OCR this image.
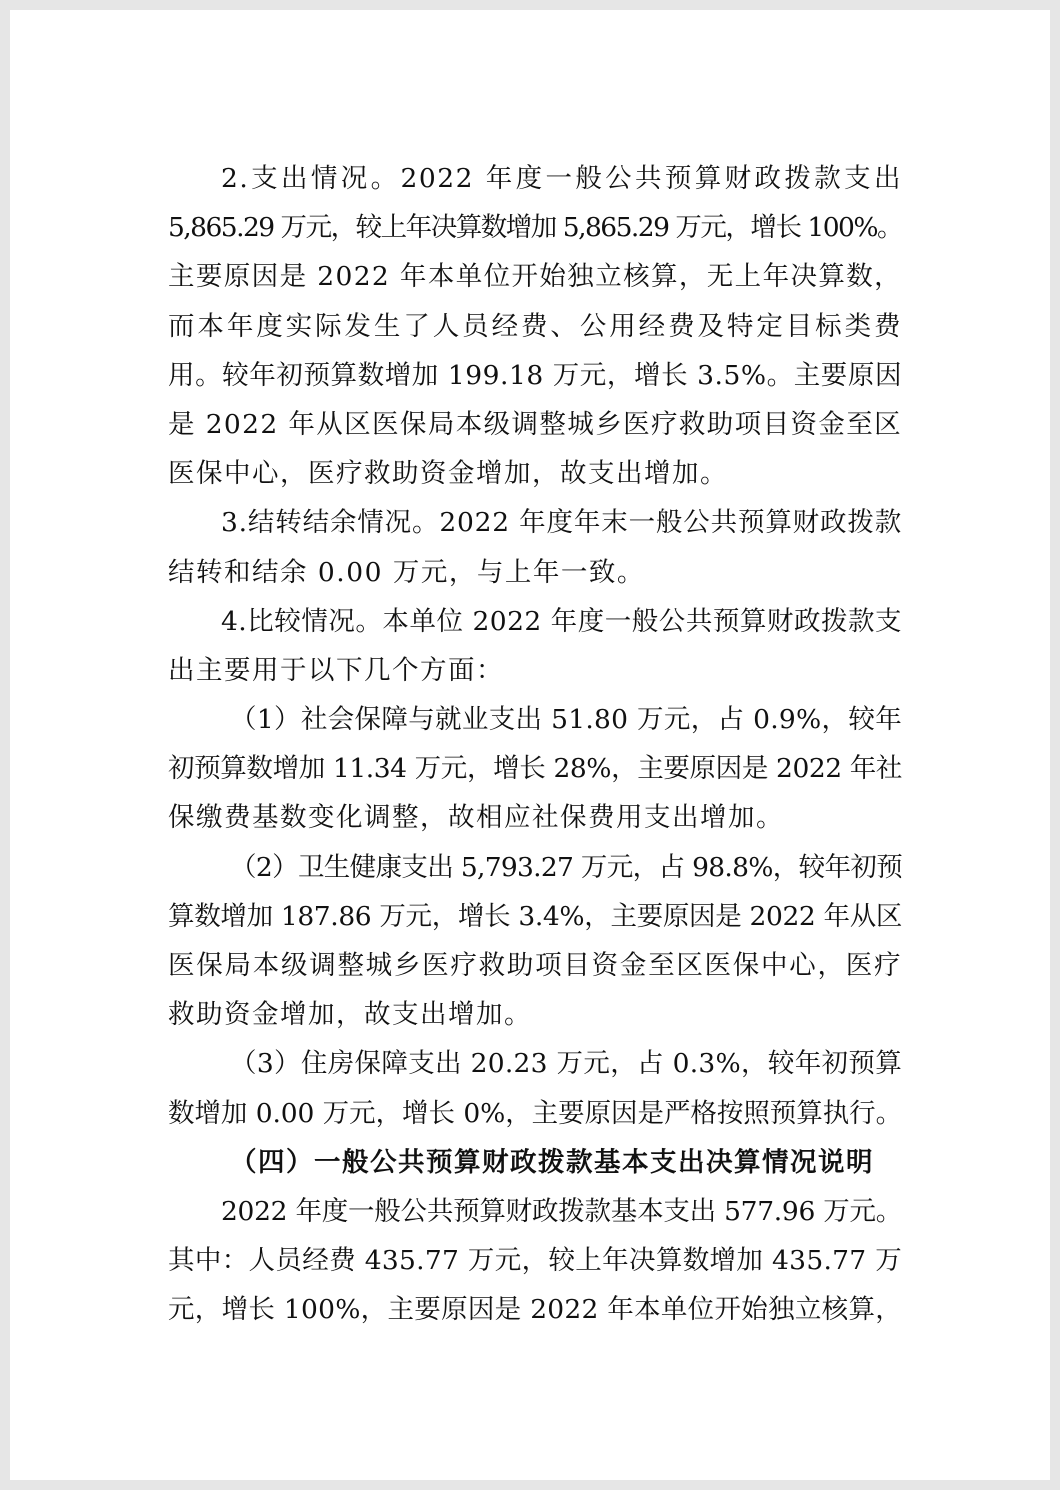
2.支出情况。2022 年度一般公共预算财政拨款支出
5,865.29 万元，较上年决算数增加 5,865.29 万元，增长 100%。
主要原因是 2022 年本单位开始独立核算，无上年决算数，
而本年度实际发生了人员经费、公用经费及特定目标类费
用。较年初预算数增加 199.18 万元，增长 3.5%。主要原因
是 2022 年从区医保局本级调整城乡医疗救助项目资金至区
医保中心，医疗救助资金增加，故支出增加。
3.结转结余情况。2022 年度年末一般公共预算财政拨款
结转和结余 0.00 万元，与上年一致。
4.比较情况。本单位 2022 年度一般公共预算财政拨款支
出主要用于以下几个方面：
（1）社会保障与就业支出 51.80 万元，占 0.9%，较年
初预算数增加 11.34 万元，增长 28%，主要原因是 2022 年社
保缴费基数变化调整，故相应社保费用支出增加。
（2）卫生健康支出 5,793.27 万元，占 98.8%，较年初预
算数增加 187.86 万元，增长 3.4%，主要原因是 2022 年从区
医保局本级调整城乡医疗救助项目资金至区医保中心，医疗
救助资金增加，故支出增加。
（3）住房保障支出 20.23 万元，占 0.3%，较年初预算
数增加 0.00 万元，增长 0%，主要原因是严格按照预算执行。
（四）一般公共预算财政拨款基本支出决算情况说明
2022 年度一般公共预算财政拨款基本支出 577.96 万元。
其中：人员经费 435.77 万元，较上年决算数增加 435.77 万
元，增长 100%，主要原因是 2022 年本单位开始独立核算，
